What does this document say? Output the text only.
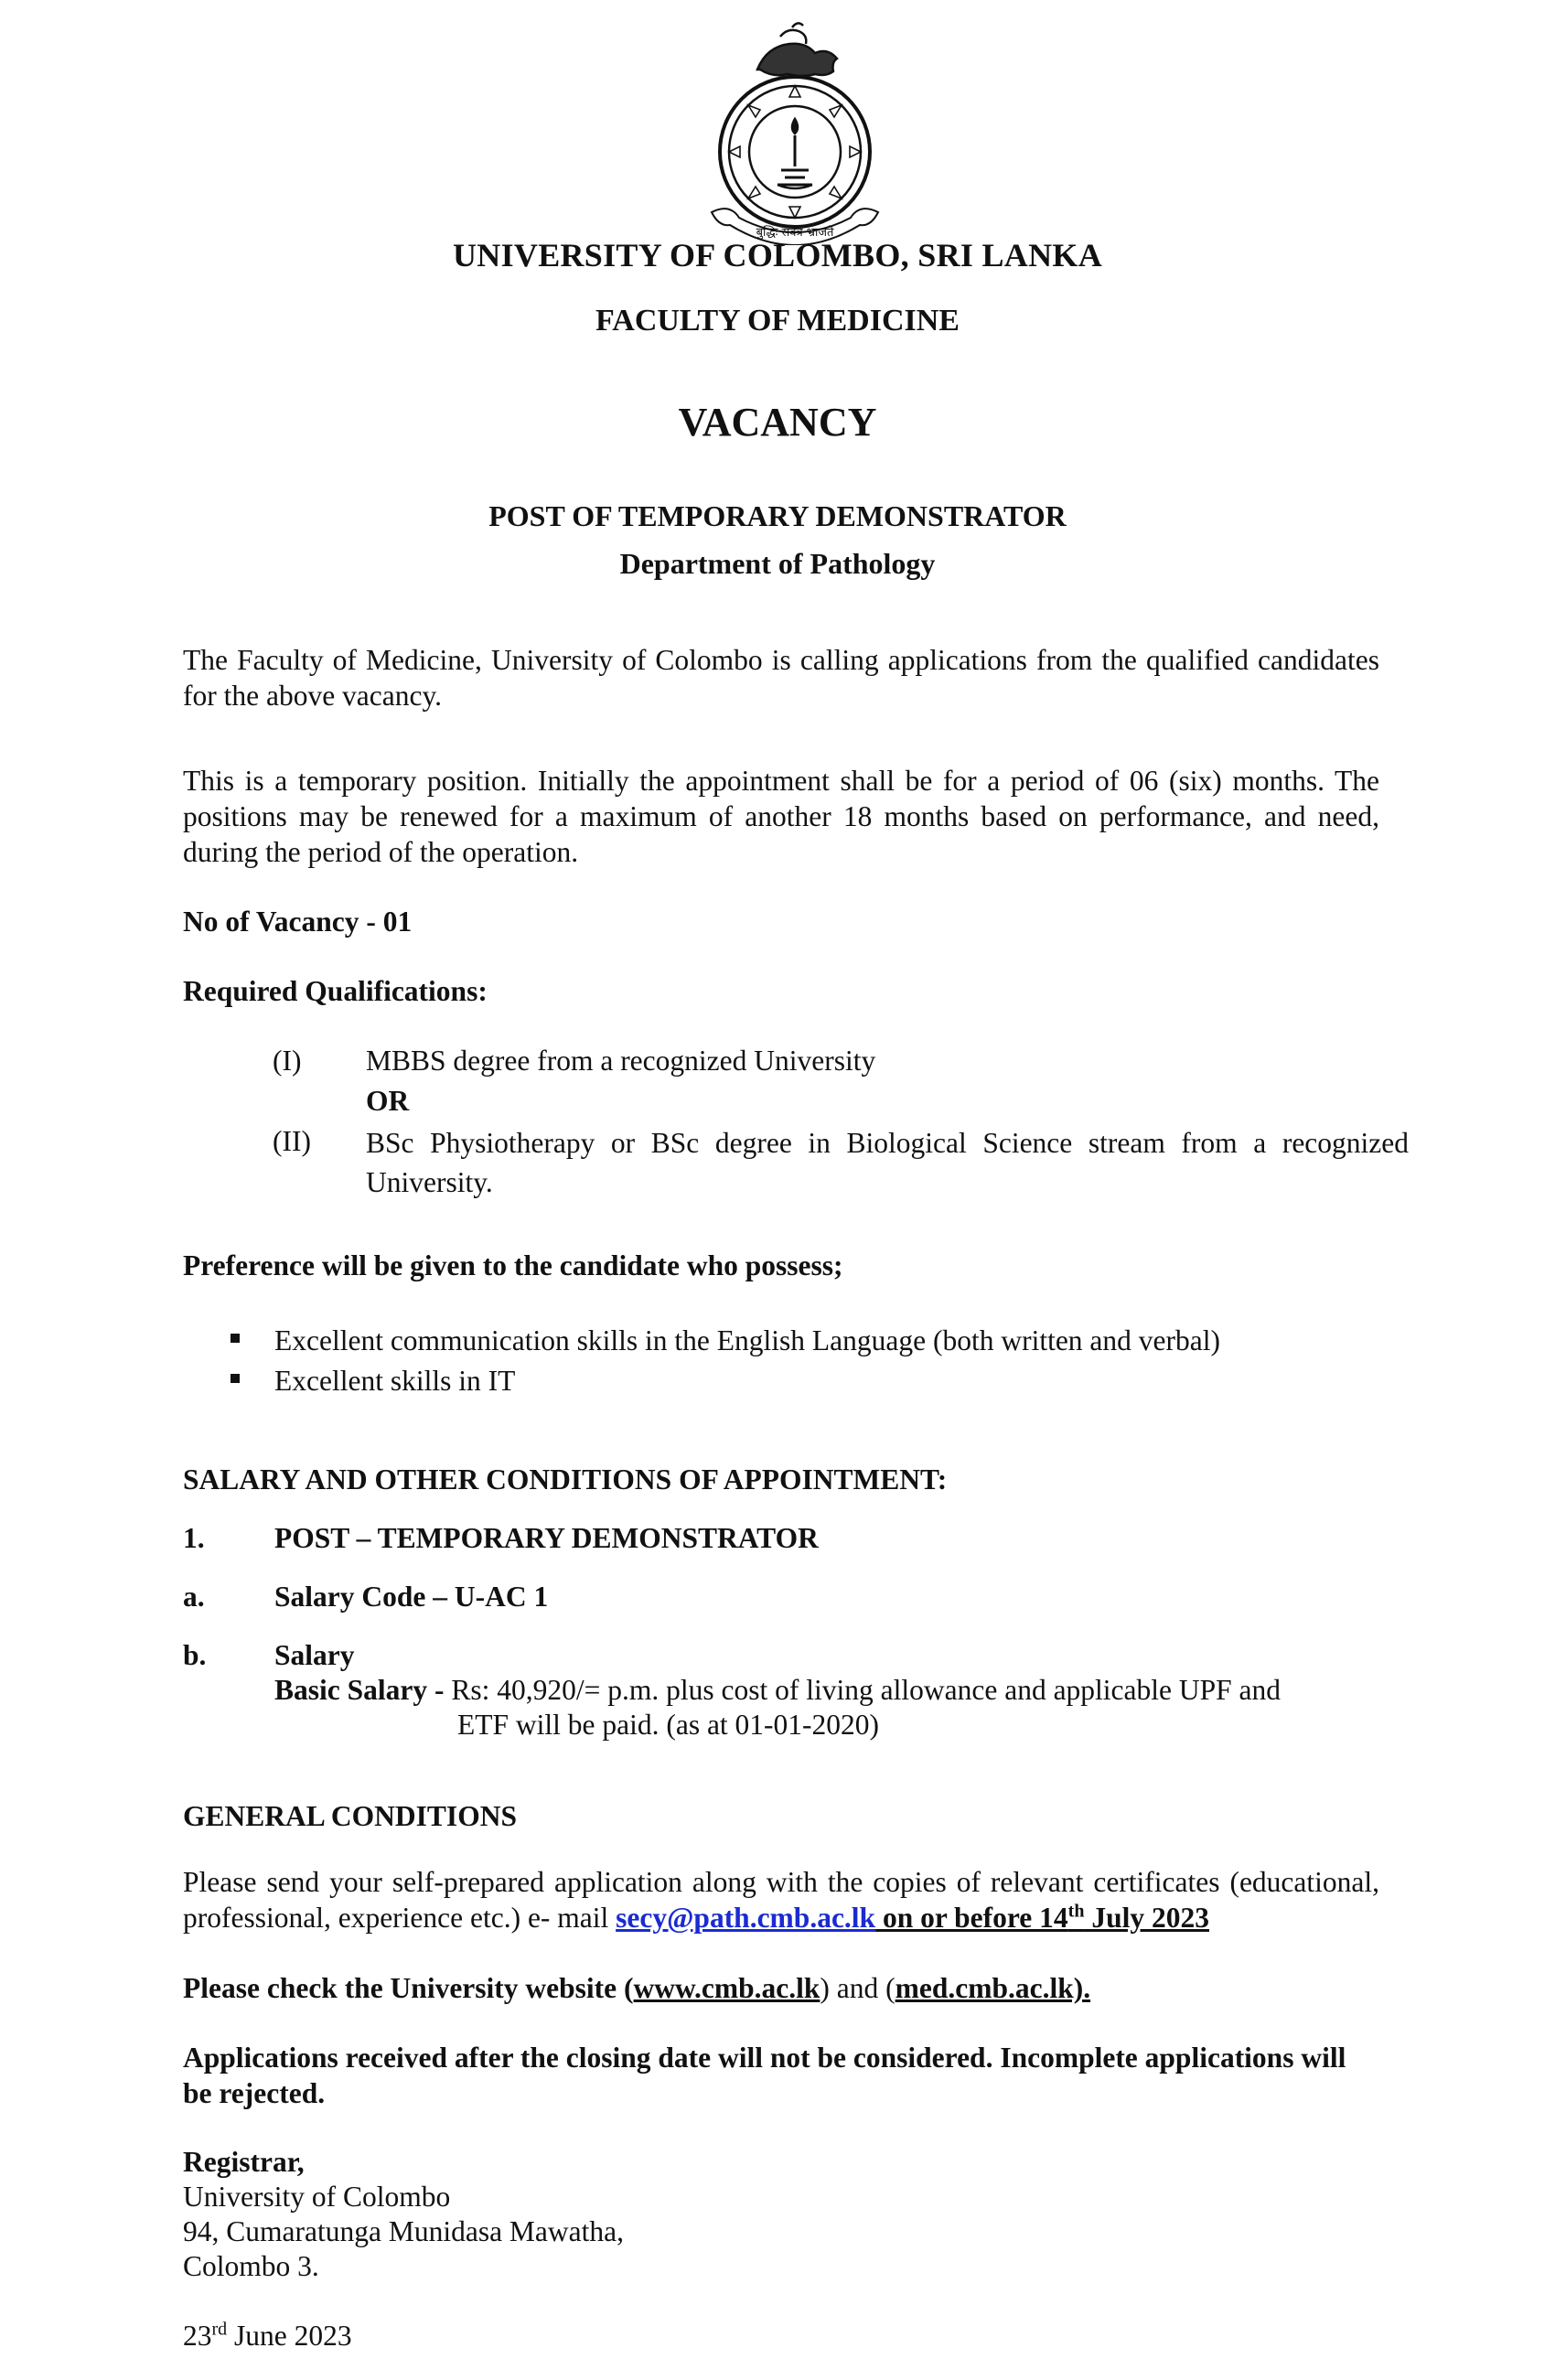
बुद्धिः सर्वत्र भ्राजते
UNIVERSITY OF COLOMBO, SRI LANKA
FACULTY OF MEDICINE
VACANCY
POST OF TEMPORARY DEMONSTRATOR
Department of Pathology
The Faculty of Medicine, University of Colombo is calling applications from the qualified candidates for the above vacancy.
This is a temporary position. Initially the appointment shall be for a period of 06 (six) months. The positions may be renewed for a maximum of another 18 months based on performance, and need, during the period of the operation.
No of Vacancy - 01
Required Qualifications:
(I) MBBS degree from a recognized University
OR
(II) BSc Physiotherapy or BSc degree in Biological Science stream from a recognized University.
Preference will be given to the candidate who possess;
Excellent communication skills in the English Language (both written and verbal)
Excellent skills in IT
SALARY AND OTHER CONDITIONS OF APPOINTMENT:
1. POST – TEMPORARY DEMONSTRATOR
a. Salary Code – U-AC 1
b. Salary
Basic Salary - Rs: 40,920/= p.m. plus cost of living allowance and applicable UPF and
ETF will be paid. (as at 01-01-2020)
GENERAL CONDITIONS
Please send your self-prepared application along with the copies of relevant certificates (educational, professional, experience etc.) e- mail secy@path.cmb.ac.lk on or before 14th July 2023
Please check the University website (www.cmb.ac.lk) and (med.cmb.ac.lk).
Applications received after the closing date will not be considered. Incomplete applications will be rejected.
Registrar,
University of Colombo
94, Cumaratunga Munidasa Mawatha,
Colombo 3.
23rd June 2023
